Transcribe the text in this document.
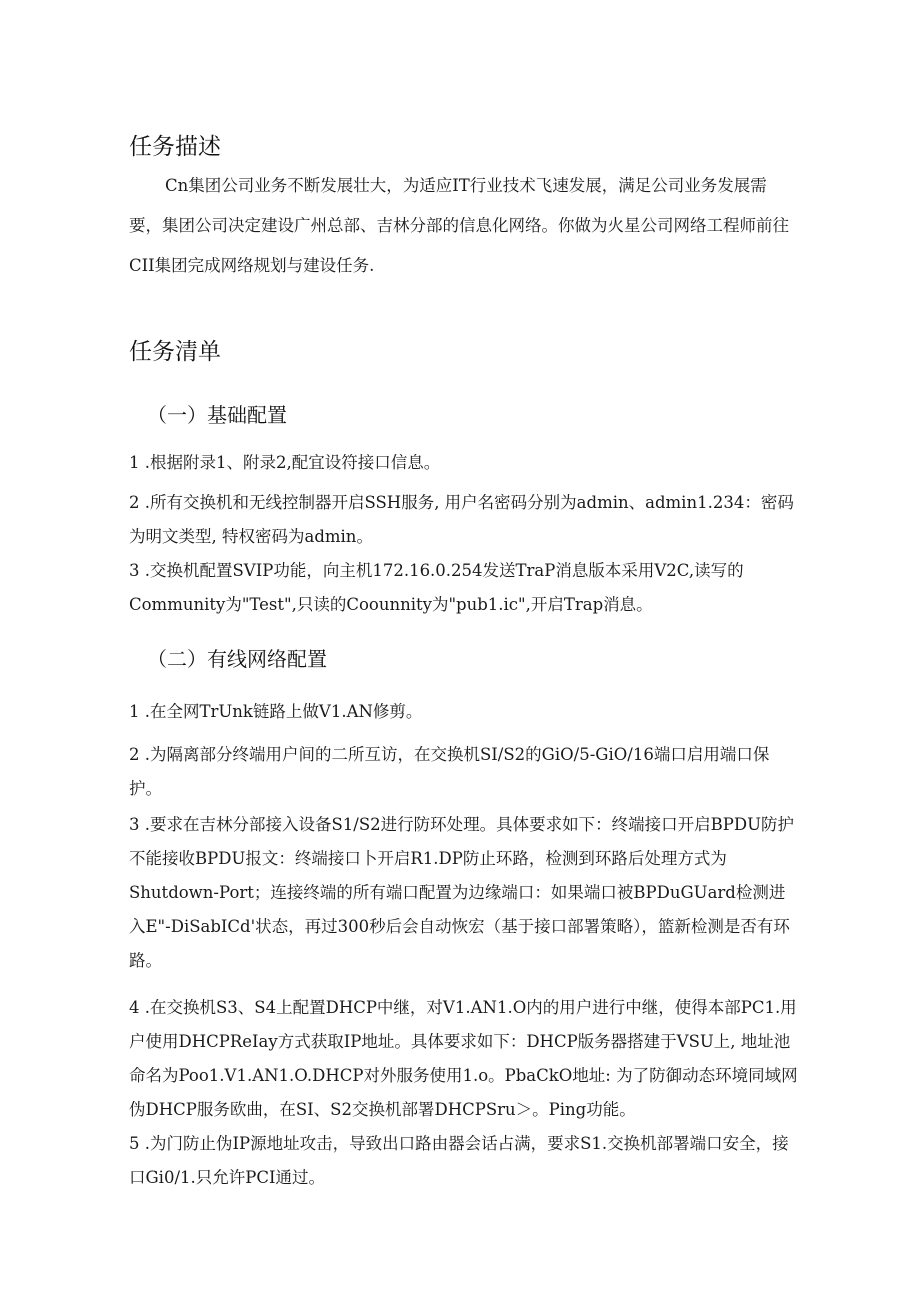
任务描述

Cn集团公司业务不断发展壮大，为适应IT行业技术飞速发展，满足公司业务发展需要，集团公司决定建设广州总部、吉林分部的信息化网络。你做为火星公司网络工程师前往CII集团完成网络规划与建设任务.

任务清单
（一）基础配置

1 .根据附录1、附录2,配宜设符接口信息。

2 .所有交换机和无线控制器开启SSH服务, 用户名密码分别为admin、admin1.234：密码为明文类型, 特权密码为admin。

3 .交换机配置SVIP功能，向主机172.16.0.254发送TraP消息版本采用V2C,读写的Community为"Test",只读的Coounnity为"pub1.ic",开启Trap消息。

（二）有线网络配置

1 .在全网TrUnk链路上做V1.AN修剪。

2 .为隔离部分终端用户间的二所互访，在交换机SI/S2的GiO/5-GiO/16端口启用端口保护。

3 .要求在吉林分部接入设备S1/S2进行防环处理。具体要求如下：终端接口开启BPDU防护不能接收BPDU报文：终端接口卜开启R1.DP防止环路，检测到环路后处理方式为Shutdown-Port；连接终端的所有端口配置为边缘端口：如果端口被BPDuGUard检测进入E"-DiSabICd'状态，再过300秒后会自动恢宏（基于接口部署策略），篮新检测是否有环路。

4 .在交换机S3、S4上配置DHCP中继，对V1.AN1.O内的用户进行中继，使得本部PC1.用户使用DHCPReIay方式获取IP地址。具体要求如下：DHCP版务器搭建于VSU上, 地址池命名为Poo1.V1.AN1.O.DHCP对外服务使用1.o。PbaCkO地址: 为了防御动态环境同域网伪DHCP服务欧曲，在SI、S2交换机部署DHCPSru＞。Ping功能。

5 .为门防止伪IP源地址攻击，导致出口路由器会话占满，要求S1.交换机部署端口安全，接口Gi0/1.只允许PCI通过。
